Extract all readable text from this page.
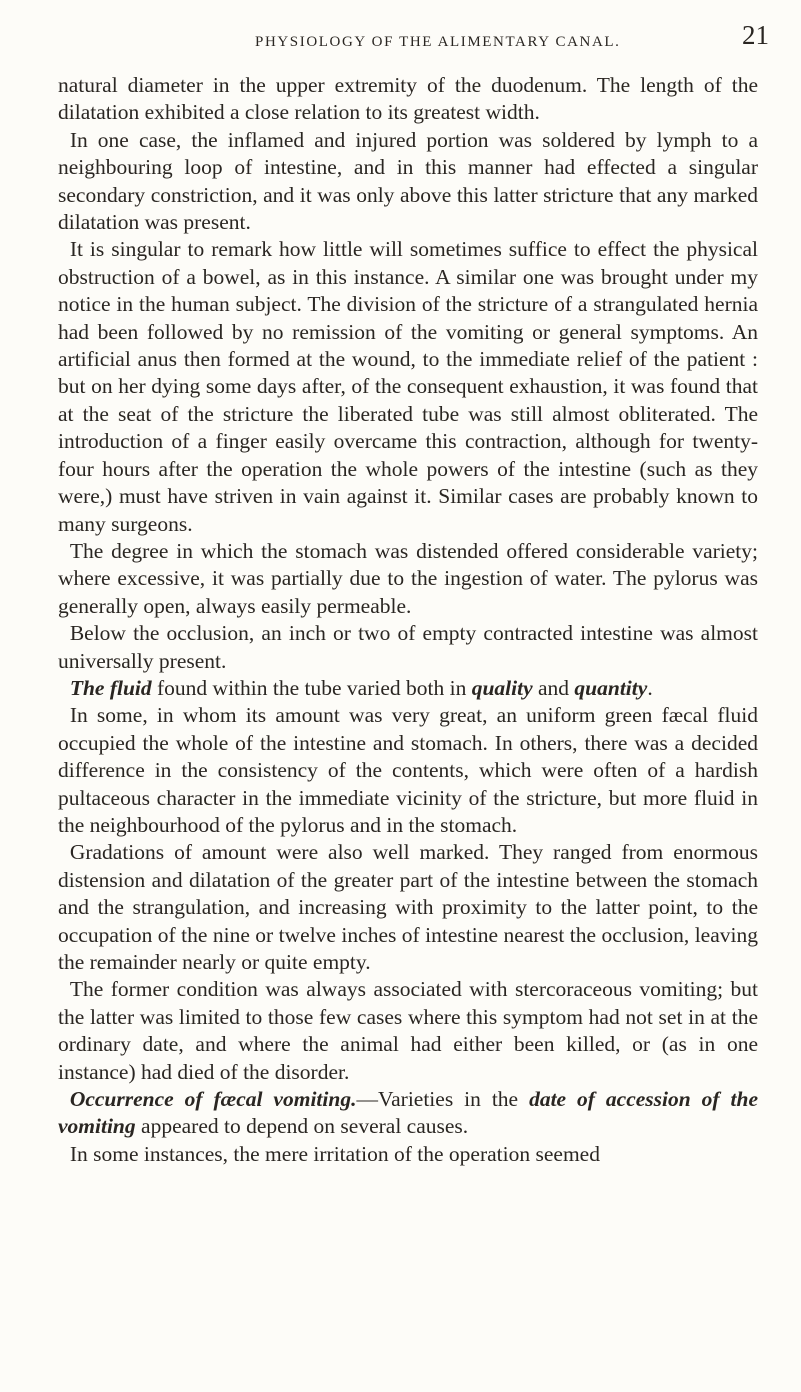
PHYSIOLOGY OF THE ALIMENTARY CANAL.	21

natural diameter in the upper extremity of the duodenum. The length of the dilatation exhibited a close relation to its greatest width.

In one case, the inflamed and injured portion was soldered by lymph to a neighbouring loop of intestine, and in this manner had effected a singular secondary constriction, and it was only above this latter stricture that any marked dilatation was present.

It is singular to remark how little will sometimes suffice to effect the physical obstruction of a bowel, as in this instance. A similar one was brought under my notice in the human subject. The division of the stricture of a strangulated hernia had been followed by no remission of the vomiting or general symptoms. An artificial anus then formed at the wound, to the immediate relief of the patient : but on her dying some days after, of the consequent exhaustion, it was found that at the seat of the stricture the liberated tube was still almost obliterated. The introduction of a finger easily overcame this contraction, although for twenty-four hours after the operation the whole powers of the intestine (such as they were,) must have striven in vain against it. Similar cases are probably known to many surgeons.

The degree in which the stomach was distended offered considerable variety; where excessive, it was partially due to the ingestion of water. The pylorus was generally open, always easily permeable.

Below the occlusion, an inch or two of empty contracted intestine was almost universally present.

The fluid found within the tube varied both in quality and quantity.

In some, in whom its amount was very great, an uniform green fæcal fluid occupied the whole of the intestine and stomach. In others, there was a decided difference in the consistency of the contents, which were often of a hardish pultaceous character in the immediate vicinity of the stricture, but more fluid in the neighbourhood of the pylorus and in the stomach.

Gradations of amount were also well marked. They ranged from enormous distension and dilatation of the greater part of the intestine between the stomach and the strangulation, and increasing with proximity to the latter point, to the occupation of the nine or twelve inches of intestine nearest the occlusion, leaving the remainder nearly or quite empty.

The former condition was always associated with stercoraceous vomiting; but the latter was limited to those few cases where this symptom had not set in at the ordinary date, and where the animal had either been killed, or (as in one instance) had died of the disorder.

Occurrence of fæcal vomiting.—Varieties in the date of accession of the vomiting appeared to depend on several causes.

In some instances, the mere irritation of the operation seemed
